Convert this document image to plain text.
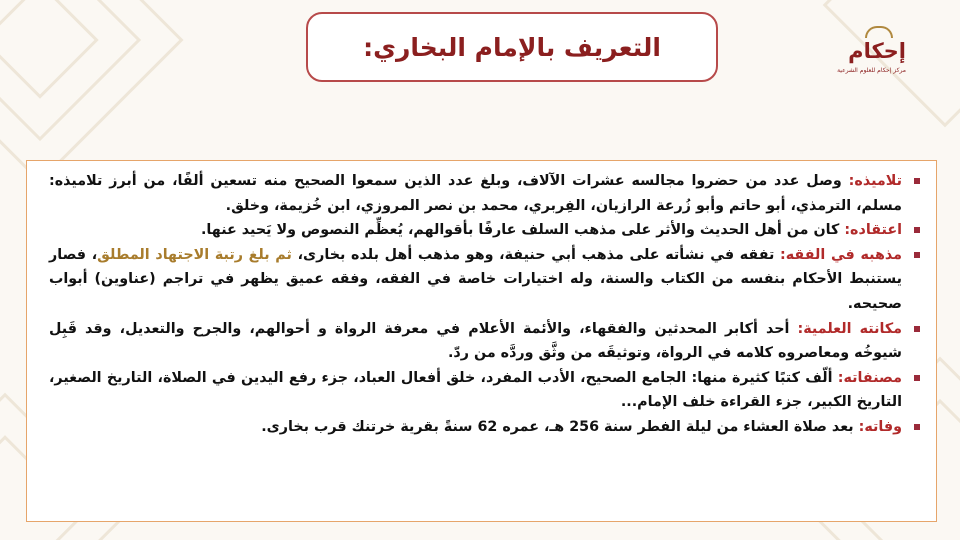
التعريف بالإمام البخاري:	إحكام
مركز إحكام للعلوم الشرعية
تلاميذه: وصل عدد من حضروا مجالسه عشرات الآلاف، وبلغ عدد الذين سمعوا الصحيح منه تسعين ألفًا، من أبرز تلاميذه: مسلم، الترمذي، أبو حاتم وأبو زُرعة الرازيان، الفِربري، محمد بن نصر المروزي، ابن خُزيمة، وخلق.
اعتقاده: كان من أهل الحديث والأثر على مذهب السلف عارفًا بأقوالهم، يُعظِّم النصوص ولا يَحيد عنها.
مذهبه في الفقه: تفقه في نشأته على مذهب أبي حنيفة، وهو مذهب أهل بلده بخارى، ثم بلغ رتبة الاجتهاد المطلق، فصار يستنبط الأحكام بنفسه من الكتاب والسنة، وله اختيارات خاصة في الفقه، وفقه عميق يظهر في تراجم (عناوين) أبواب صحيحه.
مكانته العلمية: أحد أكابر المحدثين والفقهاء، والأئمة الأعلام في معرفة الرواة و أحوالهم، والجرح والتعديل، وقد قَبِل شيوخُه ومعاصروه كلامه في الرواة، وتوثيقَه من وثَّق وردَّه من ردّ.
مصنفاته: ألّف كتبًا كثيرة منها: الجامع الصحيح، الأدب المفرد، خلق أفعال العباد، جزء رفع اليدين في الصلاة، التاريخ الصغير، التاريخ الكبير، جزء القراءة خلف الإمام...
وفاته: بعد صلاة العشاء من ليلة الفطر سنة 256 هـ، عمره 62 سنةً بقرية خرتنك قرب بخارى.
